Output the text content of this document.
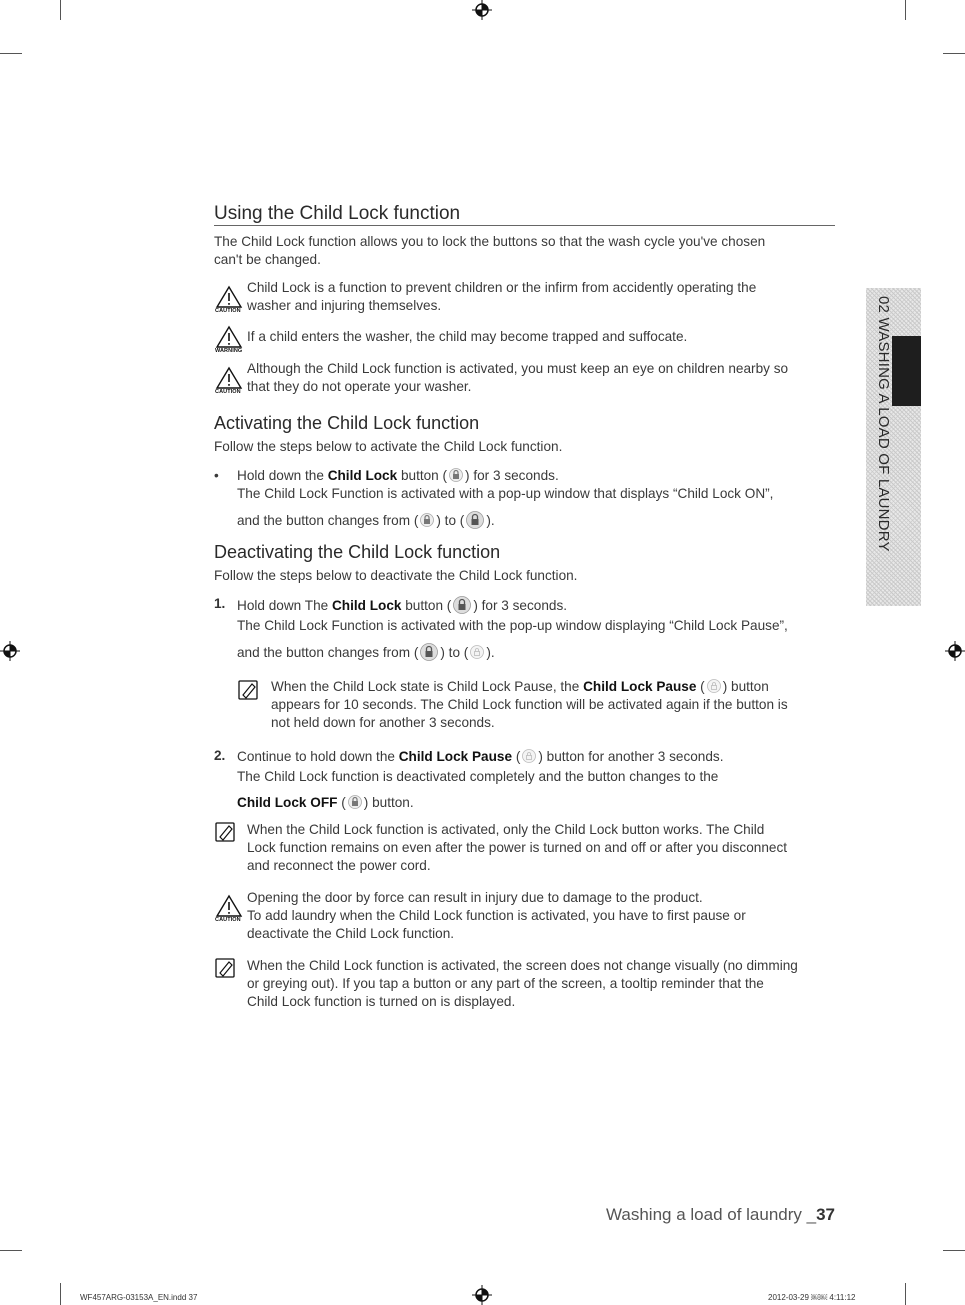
02 WASHING A LOAD OF LAUNDRY
Using the Child Lock function
The Child Lock function allows you to lock the buttons so that the wash cycle you've chosen
can't be changed.
CAUTION
Child Lock is a function to prevent children or the infirm from accidently operating the
washer and injuring themselves.
WARNING
If a child enters the washer, the child may become trapped and suffocate.
CAUTION
Although the Child Lock function is activated, you must keep an eye on children nearby so
that they do not operate your washer.
Activating the Child Lock function
Follow the steps below to activate the Child Lock function.
• Hold down the Child Lock button ( ) for 3 seconds.
The Child Lock Function is activated with a pop-up window that displays “Child Lock ON”,
and the button changes from ( ) to ( ).
Deactivating the Child Lock function
Follow the steps below to deactivate the Child Lock function.
1. Hold down The Child Lock button ( ) for 3 seconds.
The Child Lock Function is activated with the pop-up window displaying “Child Lock Pause”,
and the button changes from ( ) to ( ).
When the Child Lock state is Child Lock Pause, the Child Lock Pause ( ) button
appears for 10 seconds. The Child Lock function will be activated again if the button is
not held down for another 3 seconds.
2. Continue to hold down the Child Lock Pause ( ) button for another 3 seconds.
The Child Lock function is deactivated completely and the button changes to the
Child Lock OFF ( ) button.
When the Child Lock function is activated, only the Child Lock button works. The Child
Lock function remains on even after the power is turned on and off or after you disconnect
and reconnect the power cord.
CAUTION
Opening the door by force can result in injury due to damage to the product.
To add laundry when the Child Lock function is activated, you have to first pause or
deactivate the Child Lock function.
When the Child Lock function is activated, the screen does not change visually (no dimming
or greying out). If you tap a button or any part of the screen, a tooltip reminder that the
Child Lock function is turned on is displayed.
Washing a load of laundry _37
WF457ARG-03153A_EN.indd 37	2012-03-29 ￼￼ 4:11:12
